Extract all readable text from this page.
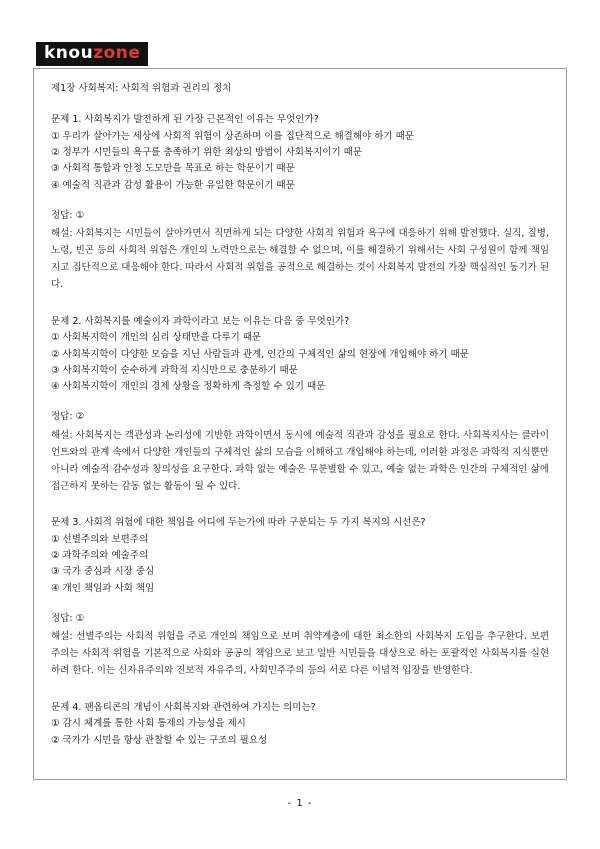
knouzone

제1장 사회복지: 사회적 위험과 권리의 정치

문제 1. 사회복지가 발전하게 된 가장 근본적인 이유는 무엇인가?

① 우리가 살아가는 세상에 사회적 위험이 상존하며 이를 집단적으로 해결해야 하기 때문

② 정부가 시민들의 욕구를 충족하기 위한 최상의 방법이 사회복지이기 때문

③ 사회적 통합과 안정 도모만을 목표로 하는 학문이기 때문

④ 예술적 직관과 감성 활용이 가능한 유일한 학문이기 때문

정답: ①

해설: 사회복지는 시민들이 살아가면서 직면하게 되는 다양한 사회적 위험과 욕구에 대응하기 위해 발전했다. 실직, 질병, 노령, 빈곤 등의 사회적 위험은 개인의 노력만으로는 해결할 수 없으며, 이를 해결하기 위해서는 사회 구성원이 함께 책임지고 집단적으로 대응해야 한다. 따라서 사회적 위험을 공적으로 해결하는 것이 사회복지 발전의 가장 핵심적인 동기가 된다.

문제 2. 사회복지를 예술이자 과학이라고 보는 이유는 다음 중 무엇인가?

① 사회복지학이 개인의 심리 상태만을 다루기 때문

② 사회복지학이 다양한 모습을 지닌 사람들과 관계, 인간의 구체적인 삶의 현장에 개입해야 하기 때문

③ 사회복지학이 순수하게 과학적 지식만으로 충분하기 때문

④ 사회복지학이 개인의 경제 상황을 정확하게 측정할 수 있기 때문

정답: ②

해설: 사회복지는 객관성과 논리성에 기반한 과학이면서 동시에 예술적 직관과 감성을 필요로 한다. 사회복지사는 클라이언트와의 관계 속에서 다양한 개인들의 구체적인 삶의 모습을 이해하고 개입해야 하는데, 이러한 과정은 과학적 지식뿐만 아니라 예술적 감수성과 창의성을 요구한다. 과학 없는 예술은 무분별할 수 있고, 예술 없는 과학은 인간의 구체적인 삶에 접근하지 못하는 감동 없는 활동이 될 수 있다.

문제 3. 사회적 위험에 대한 책임을 어디에 두는가에 따라 구분되는 두 가지 복지의 시선은?

① 선별주의와 보편주의

② 과학주의와 예술주의

③ 국가 중심과 시장 중심

④ 개인 책임과 사회 책임

정답: ①

해설: 선별주의는 사회적 위험을 주로 개인의 책임으로 보며 취약계층에 대한 최소한의 사회복지 도입을 추구한다. 보편주의는 사회적 위험을 기본적으로 사회와 공공의 책임으로 보고 일반 시민들을 대상으로 하는 포괄적인 사회복지를 실현하려 한다. 이는 신자유주의와 진보적 자유주의, 사회민주주의 등의 서로 다른 이념적 입장을 반영한다.

문제 4. 팬옵티콘의 개념이 사회복지와 관련하여 가지는 의미는?

① 감시 체계를 통한 사회 통제의 가능성을 제시

② 국가가 시민을 항상 관찰할 수 있는 구조의 필요성

- 1 -
